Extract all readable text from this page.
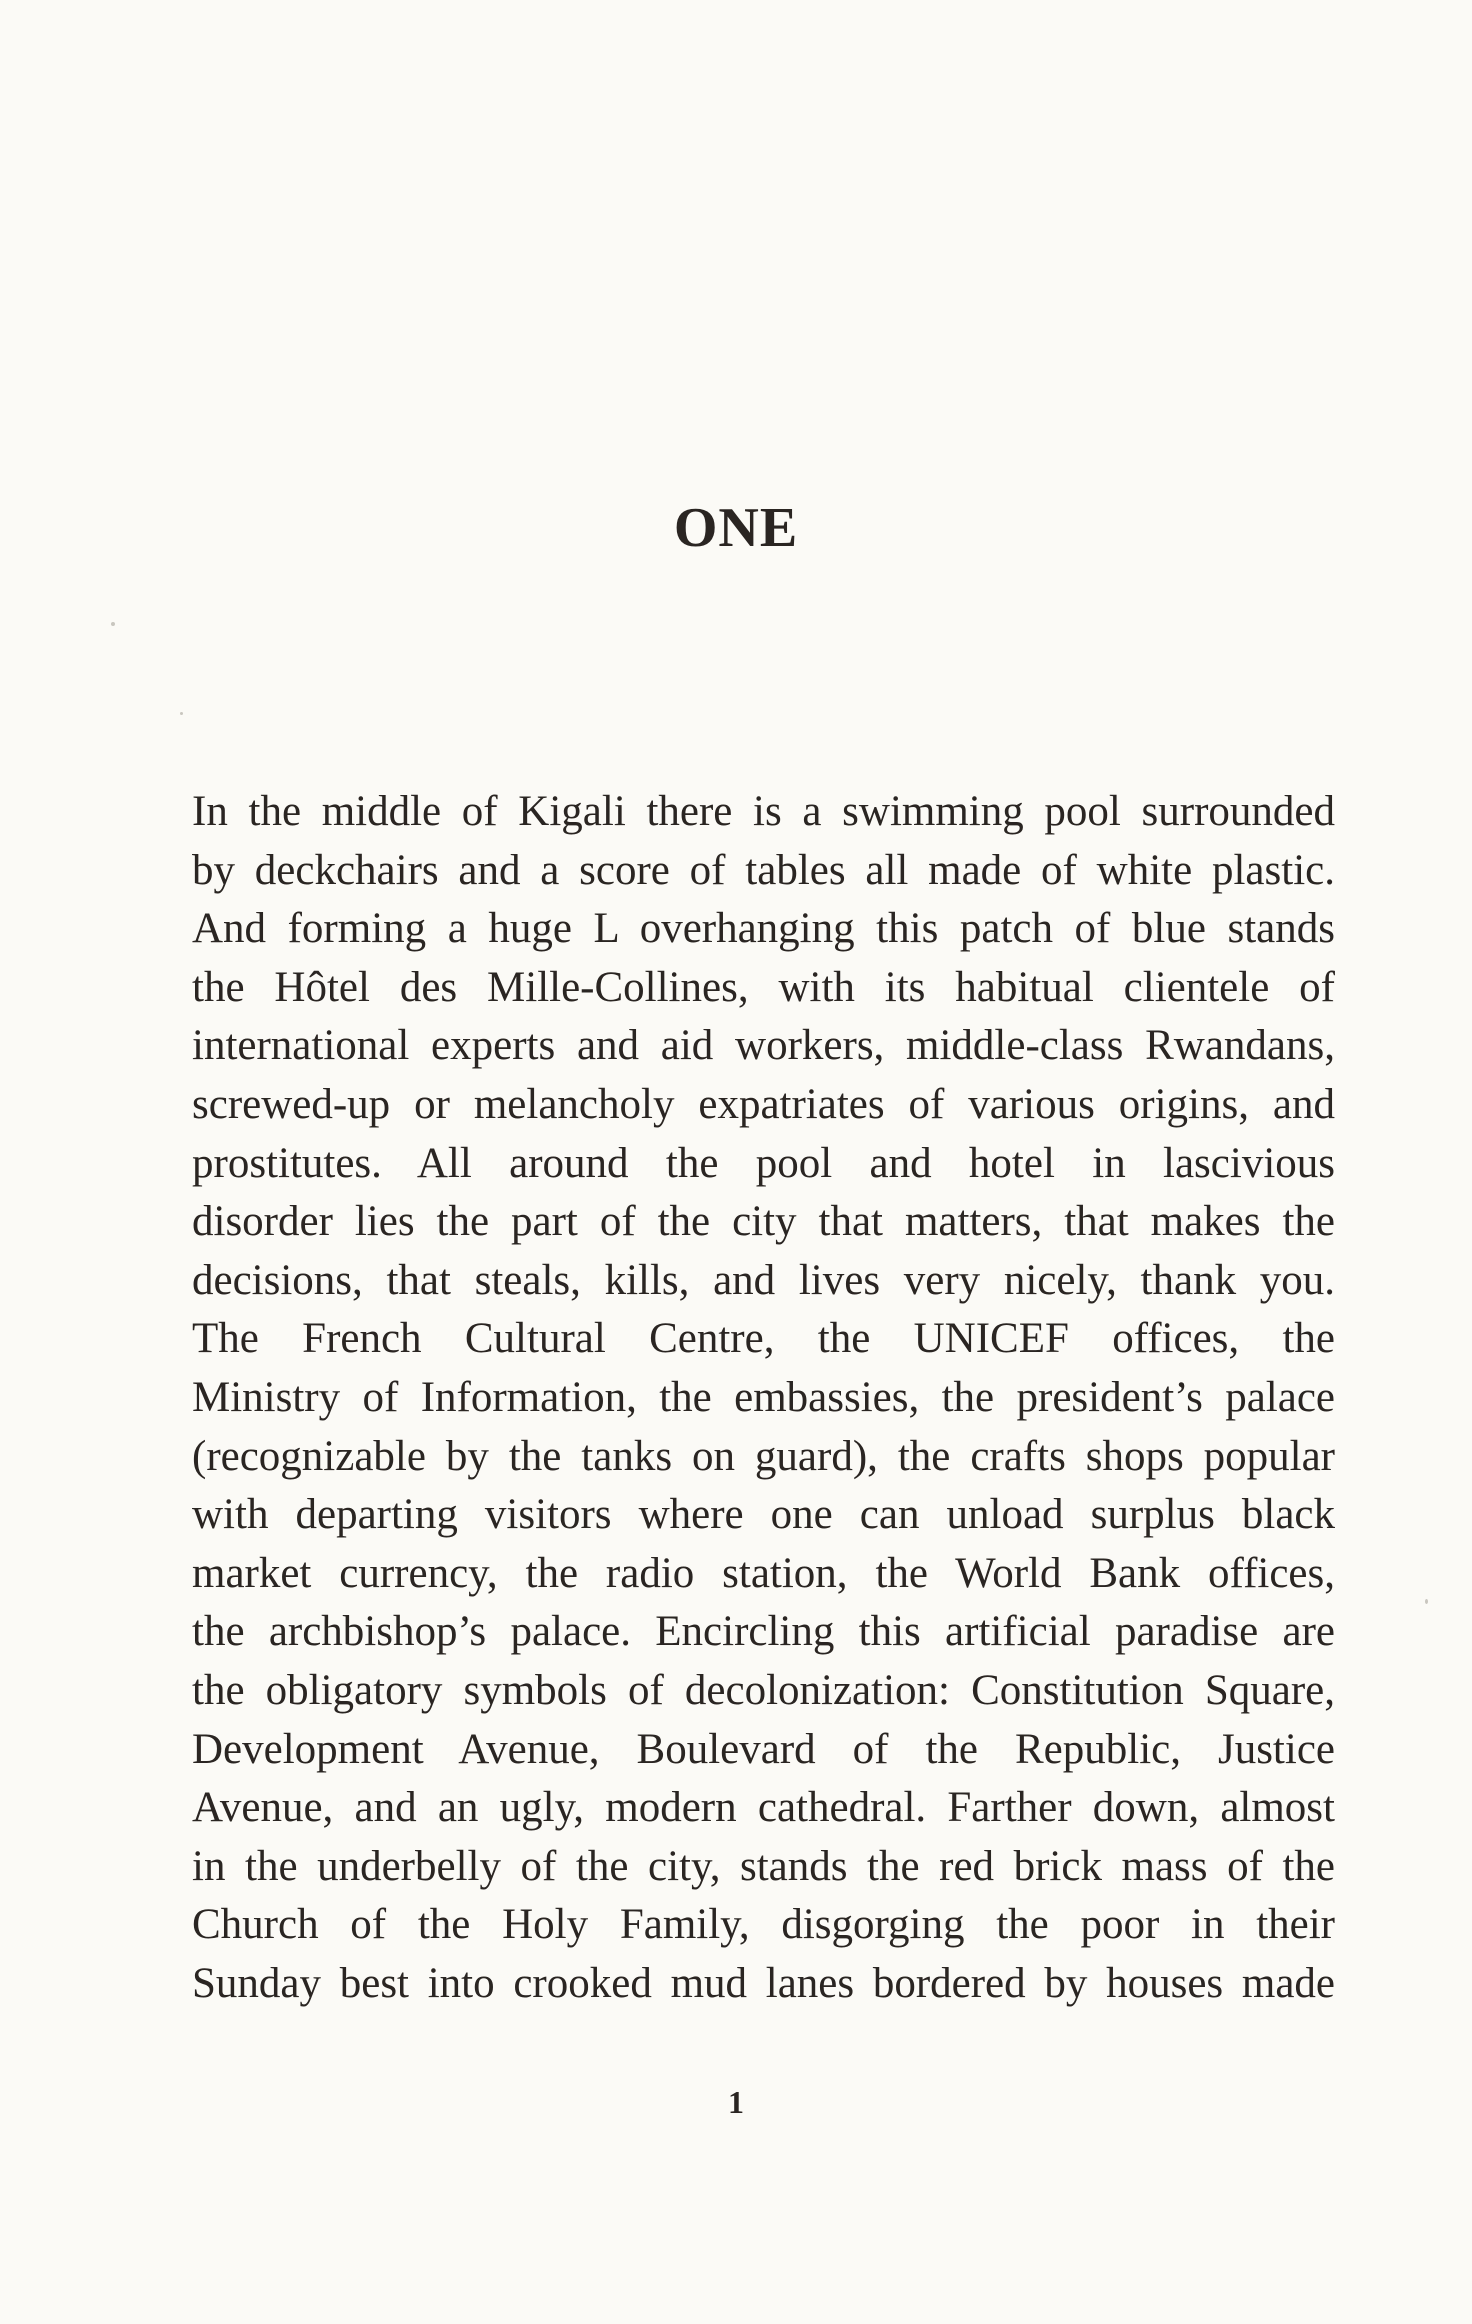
ONE
In the middle of Kigali there is a swimming pool surrounded
by deckchairs and a score of tables all made of white plastic.
And forming a huge L overhanging this patch of blue stands
the Hôtel des Mille-Collines, with its habitual clientele of
international experts and aid workers, middle-class Rwandans,
screwed-up or melancholy expatriates of various origins, and
prostitutes. All around the pool and hotel in lascivious
disorder lies the part of the city that matters, that makes the
decisions, that steals, kills, and lives very nicely, thank you.
The French Cultural Centre, the UNICEF offices, the
Ministry of Information, the embassies, the president’s palace
(recognizable by the tanks on guard), the crafts shops popular
with departing visitors where one can unload surplus black
market currency, the radio station, the World Bank offices,
the archbishop’s palace. Encircling this artificial paradise are
the obligatory symbols of decolonization: Constitution Square,
Development Avenue, Boulevard of the Republic, Justice
Avenue, and an ugly, modern cathedral. Farther down, almost
in the underbelly of the city, stands the red brick mass of the
Church of the Holy Family, disgorging the poor in their
Sunday best into crooked mud lanes bordered by houses made

1
